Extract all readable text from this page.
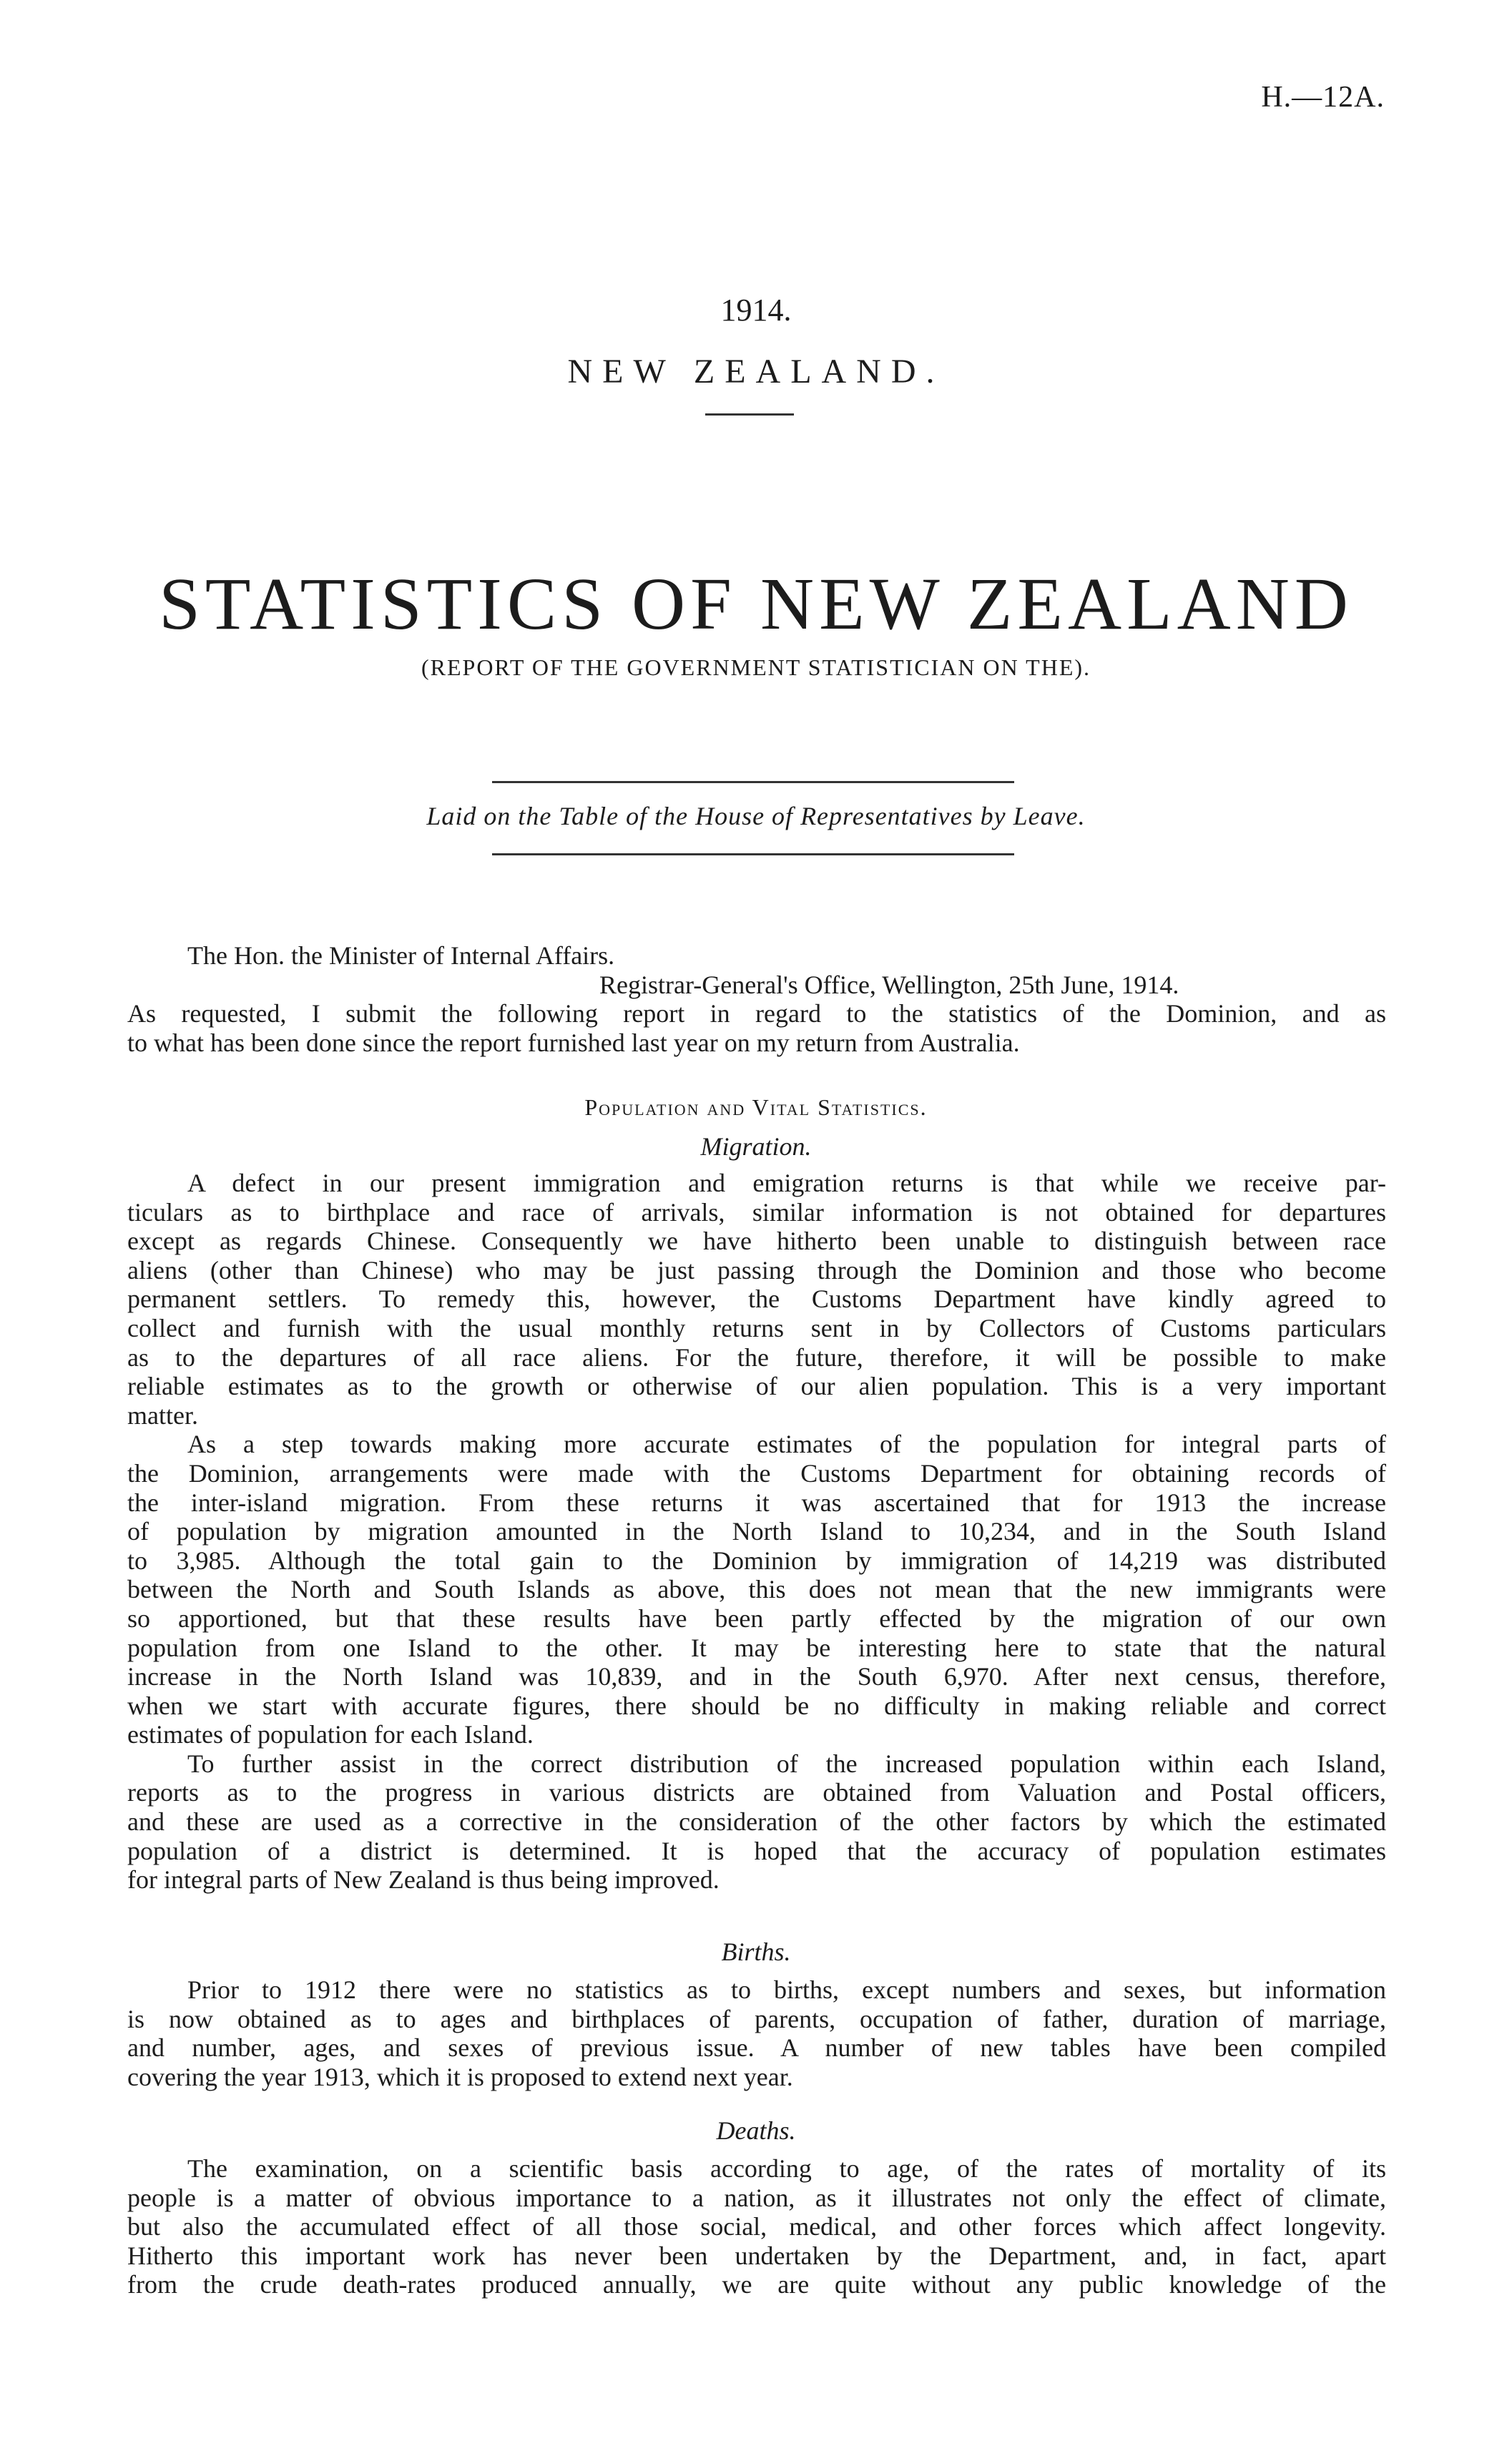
H.—12A.
1914.
NEW ZEALAND.
STATISTICS OF NEW ZEALAND
(REPORT OF THE GOVERNMENT STATISTICIAN ON THE).
Laid on the Table of the House of Representatives by Leave.
The Hon. the Minister of Internal Affairs.
Registrar-General's Office, Wellington, 25th June, 1914.
As requested, I submit the following report in regard to the statistics of the Dominion, and as
to what has been done since the report furnished last year on my return from Australia.
Population and Vital Statistics.
Migration.
A defect in our present immigration and emigration returns is that while we receive par-
ticulars as to birthplace and race of arrivals, similar information is not obtained for departures
except as regards Chinese. Consequently we have hitherto been unable to distinguish between race
aliens (other than Chinese) who may be just passing through the Dominion and those who become
permanent settlers. To remedy this, however, the Customs Department have kindly agreed to
collect and furnish with the usual monthly returns sent in by Collectors of Customs particulars
as to the departures of all race aliens. For the future, therefore, it will be possible to make
reliable estimates as to the growth or otherwise of our alien population. This is a very important
matter.
As a step towards making more accurate estimates of the population for integral parts of
the Dominion, arrangements were made with the Customs Department for obtaining records of
the inter-island migration. From these returns it was ascertained that for 1913 the increase
of population by migration amounted in the North Island to 10,234, and in the South Island
to 3,985. Although the total gain to the Dominion by immigration of 14,219 was distributed
between the North and South Islands as above, this does not mean that the new immigrants were
so apportioned, but that these results have been partly effected by the migration of our own
population from one Island to the other. It may be interesting here to state that the natural
increase in the North Island was 10,839, and in the South 6,970. After next census, therefore,
when we start with accurate figures, there should be no difficulty in making reliable and correct
estimates of population for each Island.
To further assist in the correct distribution of the increased population within each Island,
reports as to the progress in various districts are obtained from Valuation and Postal officers,
and these are used as a corrective in the consideration of the other factors by which the estimated
population of a district is determined. It is hoped that the accuracy of population estimates
for integral parts of New Zealand is thus being improved.
Births.
Prior to 1912 there were no statistics as to births, except numbers and sexes, but information
is now obtained as to ages and birthplaces of parents, occupation of father, duration of marriage,
and number, ages, and sexes of previous issue. A number of new tables have been compiled
covering the year 1913, which it is proposed to extend next year.
Deaths.
The examination, on a scientific basis according to age, of the rates of mortality of its
people is a matter of obvious importance to a nation, as it illustrates not only the effect of climate,
but also the accumulated effect of all those social, medical, and other forces which affect longevity.
Hitherto this important work has never been undertaken by the Department, and, in fact, apart
from the crude death-rates produced annually, we are quite without any public knowledge of the
